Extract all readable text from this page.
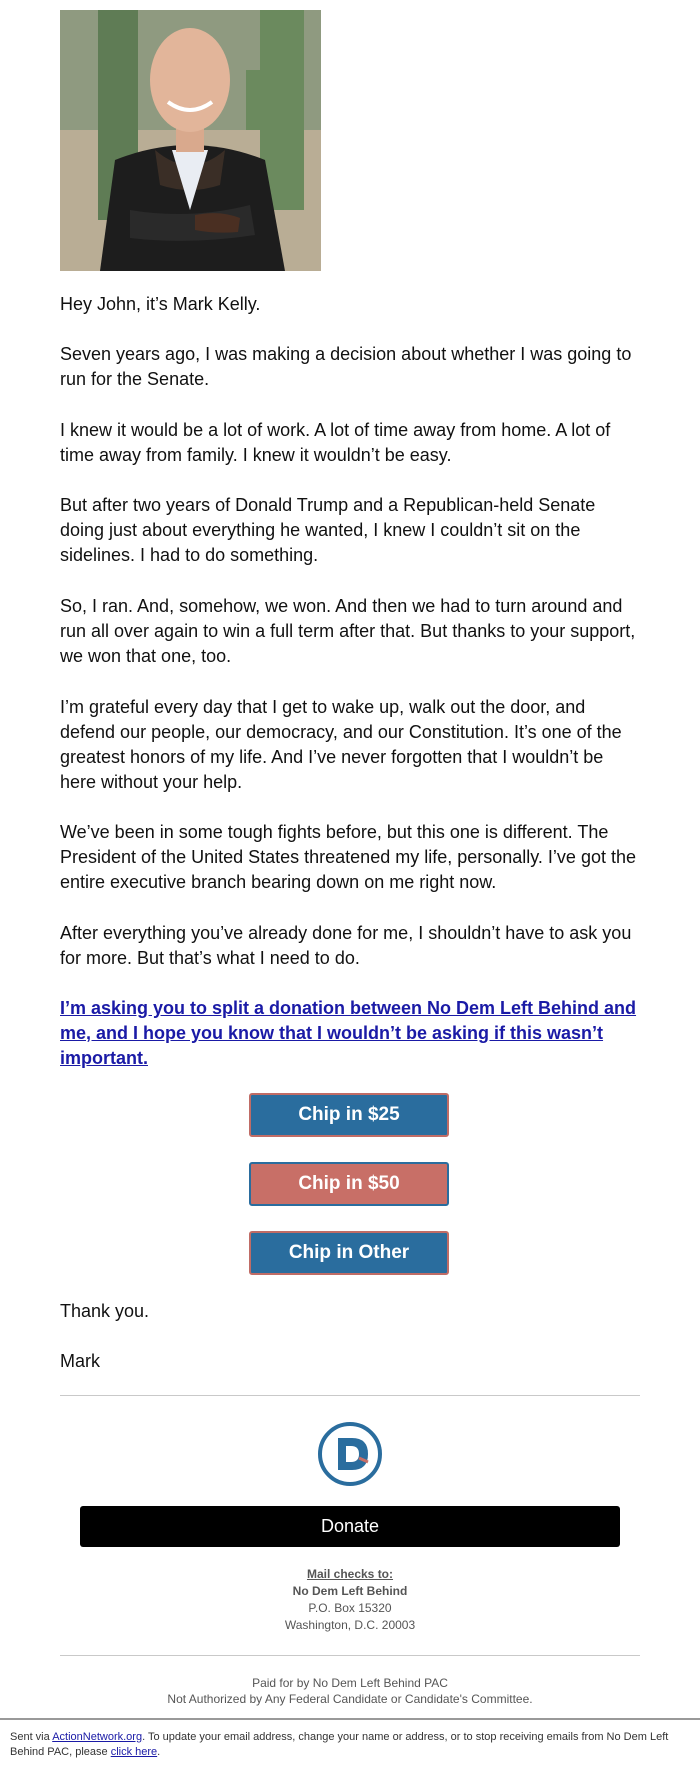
Hey John, it’s Mark Kelly.

Seven years ago, I was making a decision about whether I was going to run for the Senate.

I knew it would be a lot of work. A lot of time away from home. A lot of time away from family. I knew it wouldn’t be easy.

But after two years of Donald Trump and a Republican-held Senate doing just about everything he wanted, I knew I couldn’t sit on the sidelines. I had to do something.

So, I ran. And, somehow, we won. And then we had to turn around and run all over again to win a full term after that. But thanks to your support, we won that one, too.

I’m grateful every day that I get to wake up, walk out the door, and defend our people, our democracy, and our Constitution. It’s one of the greatest honors of my life. And I’ve never forgotten that I wouldn’t be here without your help.

We’ve been in some tough fights before, but this one is different. The President of the United States threatened my life, personally. I’ve got the entire executive branch bearing down on me right now.

After everything you’ve already done for me, I shouldn’t have to ask you for more. But that’s what I need to do.

I’m asking you to split a donation between No Dem Left Behind and me, and I hope you know that I wouldn’t be asking if this wasn’t important.
Chip in $25
Chip in $50
Chip in Other

Thank you.

Mark

Donate
Mail checks to:
No Dem Left Behind
P.O. Box 15320
Washington, D.C. 20003
Paid for by No Dem Left Behind PAC
Not Authorized by Any Federal Candidate or Candidate's Committee.
Sent via ActionNetwork.org. To update your email address, change your name or address, or to stop receiving emails from No Dem Left Behind PAC, please click here.
